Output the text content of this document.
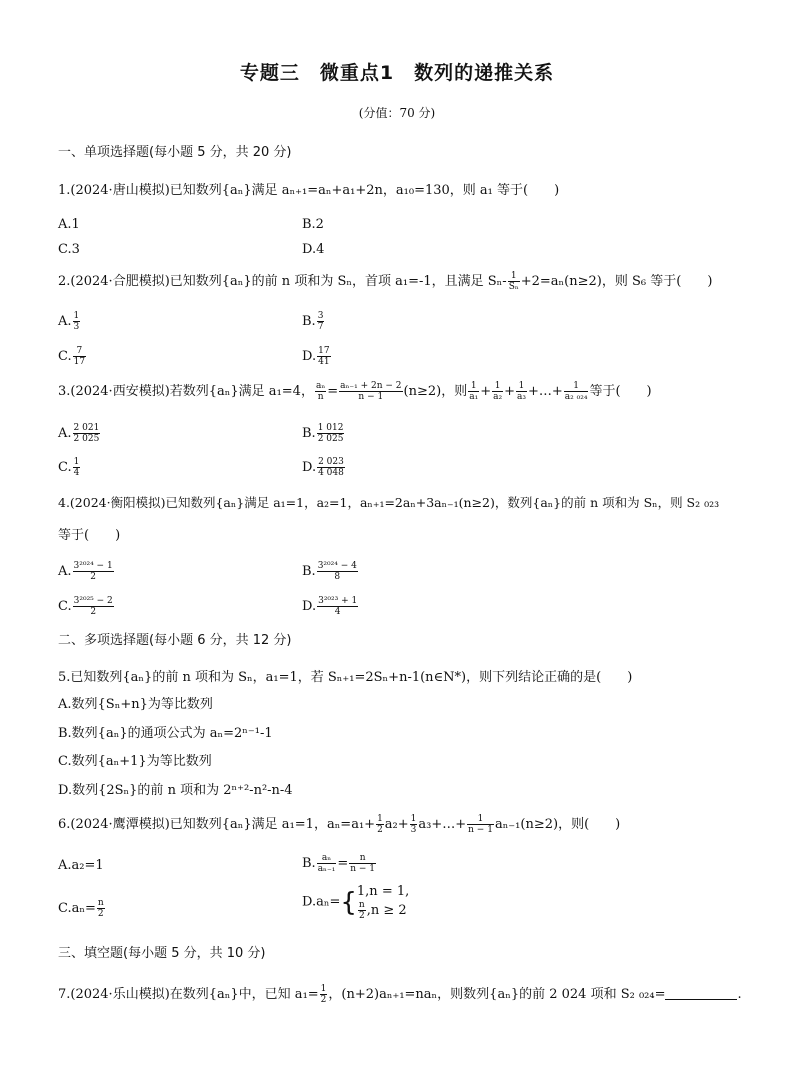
专题三　微重点1　数列的递推关系
(分值：70 分)
一、单项选择题(每小题 5 分，共 20 分)
1.(2024·唐山模拟)已知数列{aₙ}满足 aₙ₊₁=aₙ+a₁+2n，a₁₀=130，则 a₁ 等于(　　)
A.1	B.2
C.3	D.4
2.(2024·合肥模拟)已知数列{aₙ}的前 n 项和为 Sₙ，首项 a₁=-1，且满足 $S_n- \frac{1}{\text{Sₙ}} +2=a_n(n\ge 2)$，则 S₆ 等于(　　)
A. $\frac{1}{3}$	B. $\frac{3}{7}$
C. $\frac{7}{17}$	D. $\frac{17}{41}$
3.(2024·西安模拟)若数列{aₙ}满足 a₁=4， $\frac{\text{aₙ}}{n} = \frac{\text{aₙ₋₁ + 2n − 2}}{n - 1} (n\ge 2)$，则 $\frac{1}{\text{a₁}} + \frac{1}{\text{a₂}} + \frac{1}{\text{a₃}}$ +…+ $\frac{1}{\text{a₂ ₀₂₄}}$ 等于(　　)
A. $\frac{2 021}{2 025}$	B. $\frac{1 012}{2 025}$
C. $\frac{1}{4}$	D. $\frac{2 023}{4 048}$
4.(2024·衡阳模拟)已知数列{aₙ}满足 a₁=1，a₂=1，aₙ₊₁=2aₙ+3aₙ₋₁(n≥2)，数列{aₙ}的前 n 项和为 Sₙ，则 S₂ ₀₂₃
等于(　　)
A. $\frac{\text{3²⁰²⁴ − 1}}{2}$	B. $\frac{\text{3²⁰²⁴ − 4}}{8}$
C. $\frac{\text{3²⁰²⁵ − 2}}{2}$	D. $\frac{\text{3²⁰²³ + 1}}{4}$
二、多项选择题(每小题 6 分，共 12 分)
5.已知数列{aₙ}的前 n 项和为 Sₙ，a₁=1，若 Sₙ₊₁=2Sₙ+n-1(n∈N*)，则下列结论正确的是(　　)
A.数列{Sₙ+n}为等比数列
B.数列{aₙ}的通项公式为 aₙ=2ⁿ⁻¹-1
C.数列{aₙ+1}为等比数列
D.数列{2Sₙ}的前 n 项和为 2ⁿ⁺²-n²-n-4
6.(2024·鹰潭模拟)已知数列{aₙ}满足 a₁=1，$a_n=a_1+ \frac{1}{2} a_2+ \frac{1}{3}$ a₃+…+ $\frac{1}{n - 1} a_{n-1}(n\ge 2)$，则(　　)
A.a₂=1	B. $\frac{\text{aₙ}}{\text{aₙ₋₁}} = \frac{n}{n - 1}$
$C.a_n= \frac{n}{2}$	D.aₙ={ 1,n = 1,
$\frac{n}{2} ,n \ge 2$
三、填空题(每小题 5 分，共 10 分)
7.(2024·乐山模拟)在数列{aₙ}中，已知 $a_1= \frac{1}{2}$ ，(n+2)aₙ₊₁=naₙ，则数列{aₙ}的前 2 024 项和 S₂ ₀₂₄=	.
